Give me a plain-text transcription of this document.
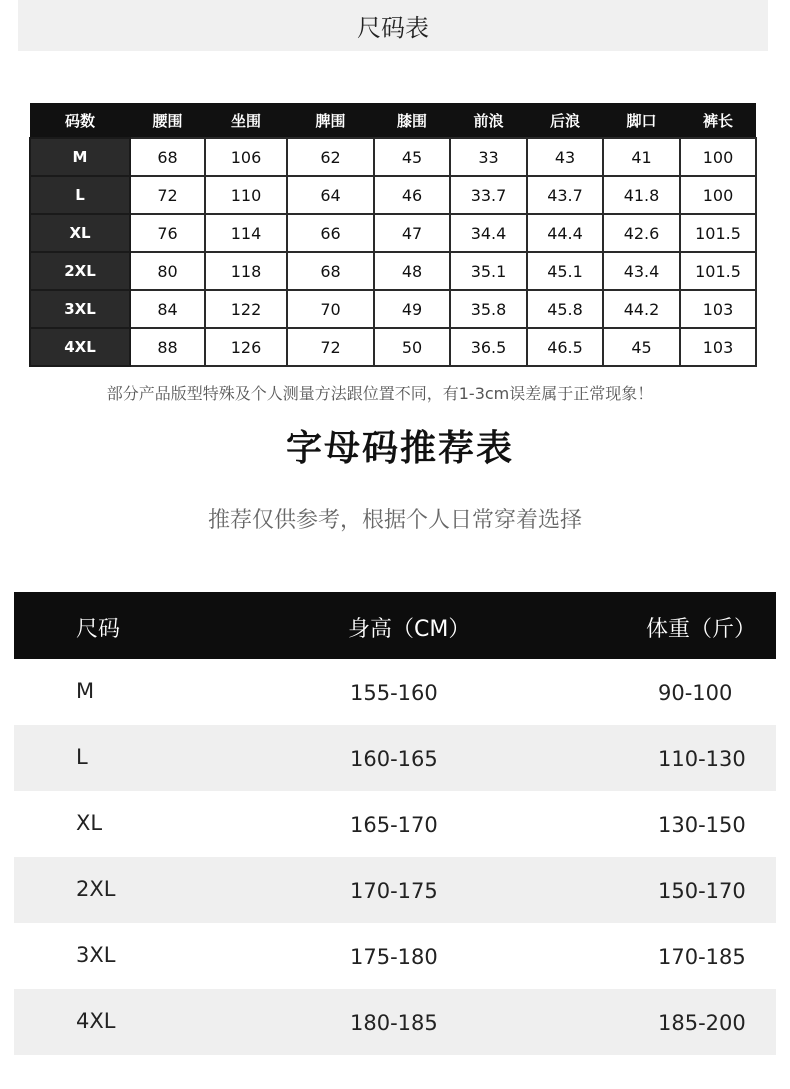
尺码表
码数	腰围	坐围	脾围	膝围	前浪	后浪	脚口	裤长
M	68	106	62	45	33	43	41	100
L	72	110	64	46	33.7	43.7	41.8	100
XL	76	114	66	47	34.4	44.4	42.6	101.5
2XL	80	118	68	48	35.1	45.1	43.4	101.5
3XL	84	122	70	49	35.8	45.8	44.2	103
4XL	88	126	72	50	36.5	46.5	45	103
部分产品版型特殊及个人测量方法跟位置不同，有1-3cm误差属于正常现象！
字母码推荐表
推荐仅供参考，根据个人日常穿着选择
尺码	身高（CM）	体重（斤）
M	155-160	90-100
L	160-165	110-130
XL	165-170	130-150
2XL	170-175	150-170
3XL	175-180	170-185
4XL	180-185	185-200
